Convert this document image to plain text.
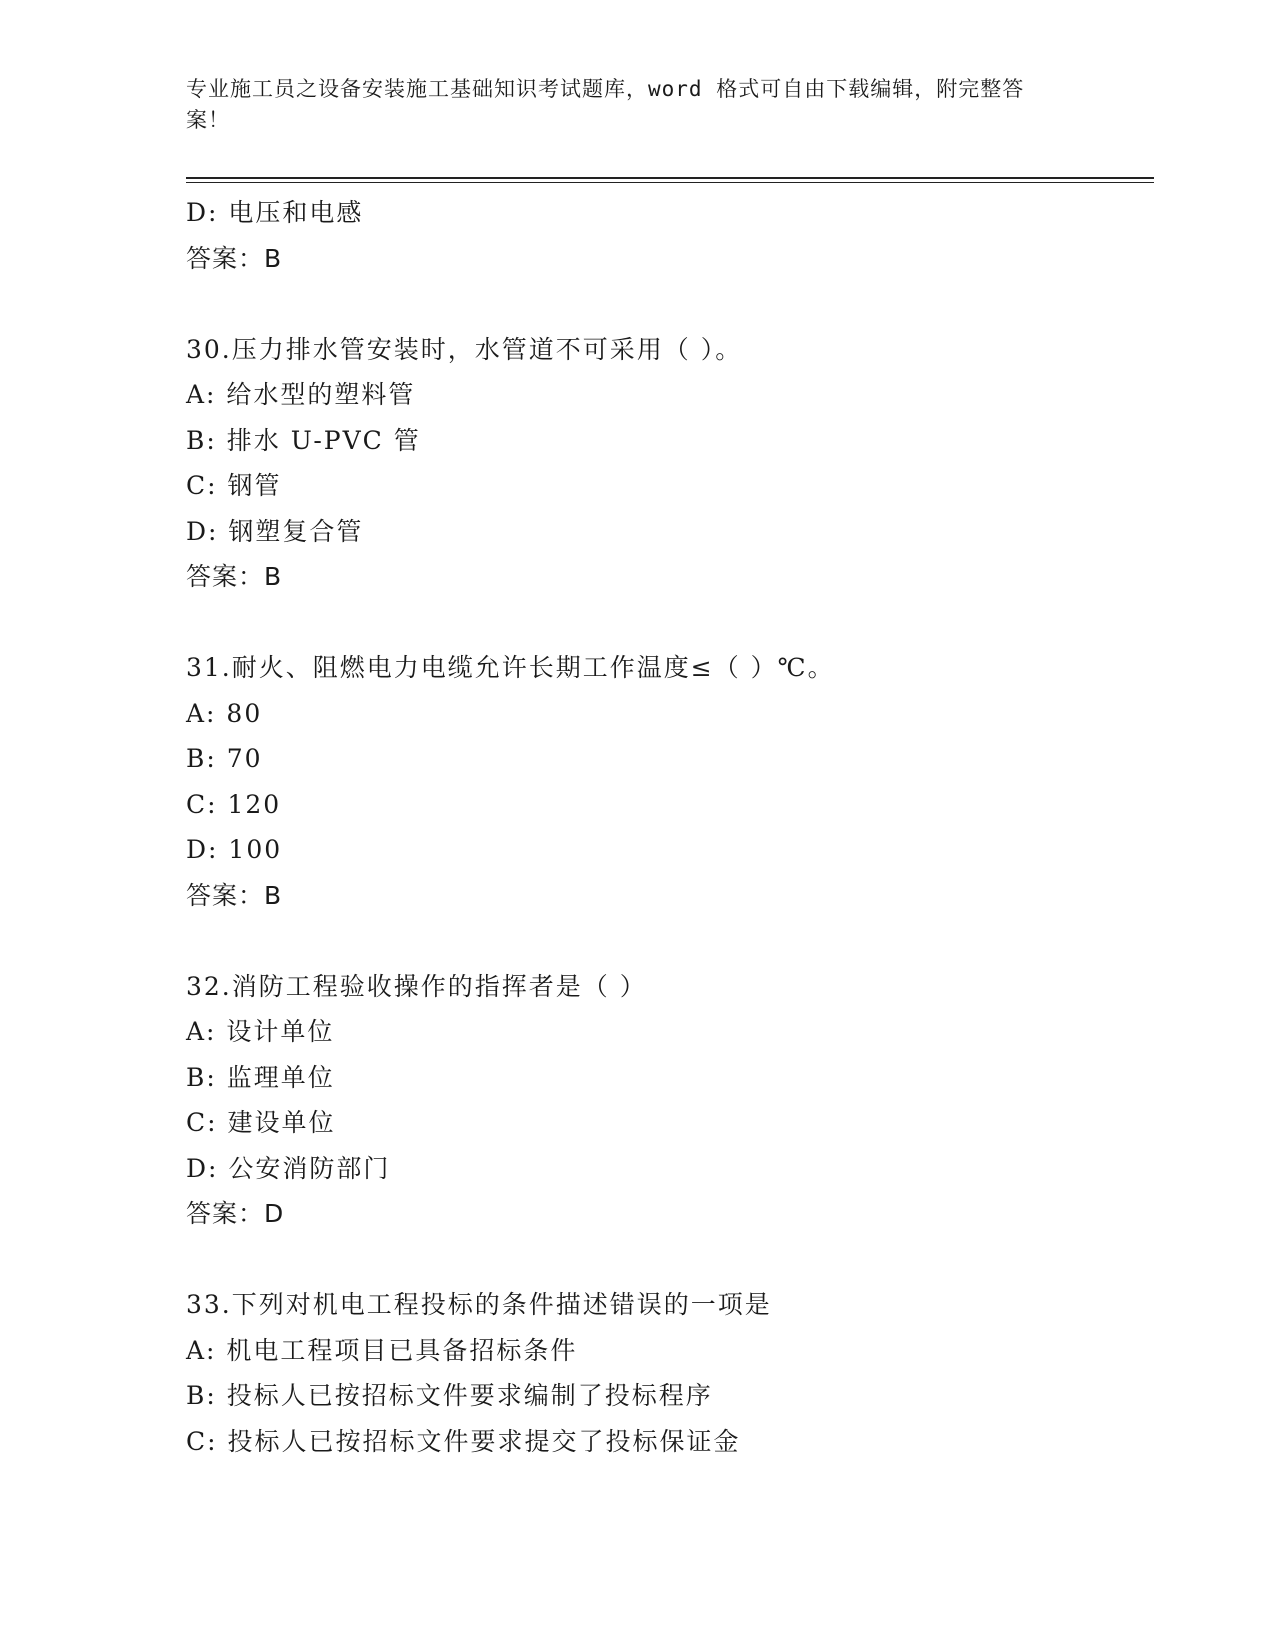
专业施工员之设备安装施工基础知识考试题库，word 格式可自由下载编辑，附完整答案！

D: 电压和电感
答案：B
30.压力排水管安装时，水管道不可采用（ ）。
A: 给水型的塑料管
B: 排水 U-PVC 管
C: 钢管
D: 钢塑复合管
答案：B
31.耐火、阻燃电力电缆允许长期工作温度≤（ ）℃。
A: 80
B: 70
C: 120
D: 100
答案：B
32.消防工程验收操作的指挥者是（ ）
A: 设计单位
B: 监理单位
C: 建设单位
D: 公安消防部门
答案：D
33.下列对机电工程投标的条件描述错误的一项是
A: 机电工程项目已具备招标条件
B: 投标人已按招标文件要求编制了投标程序
C: 投标人已按招标文件要求提交了投标保证金
